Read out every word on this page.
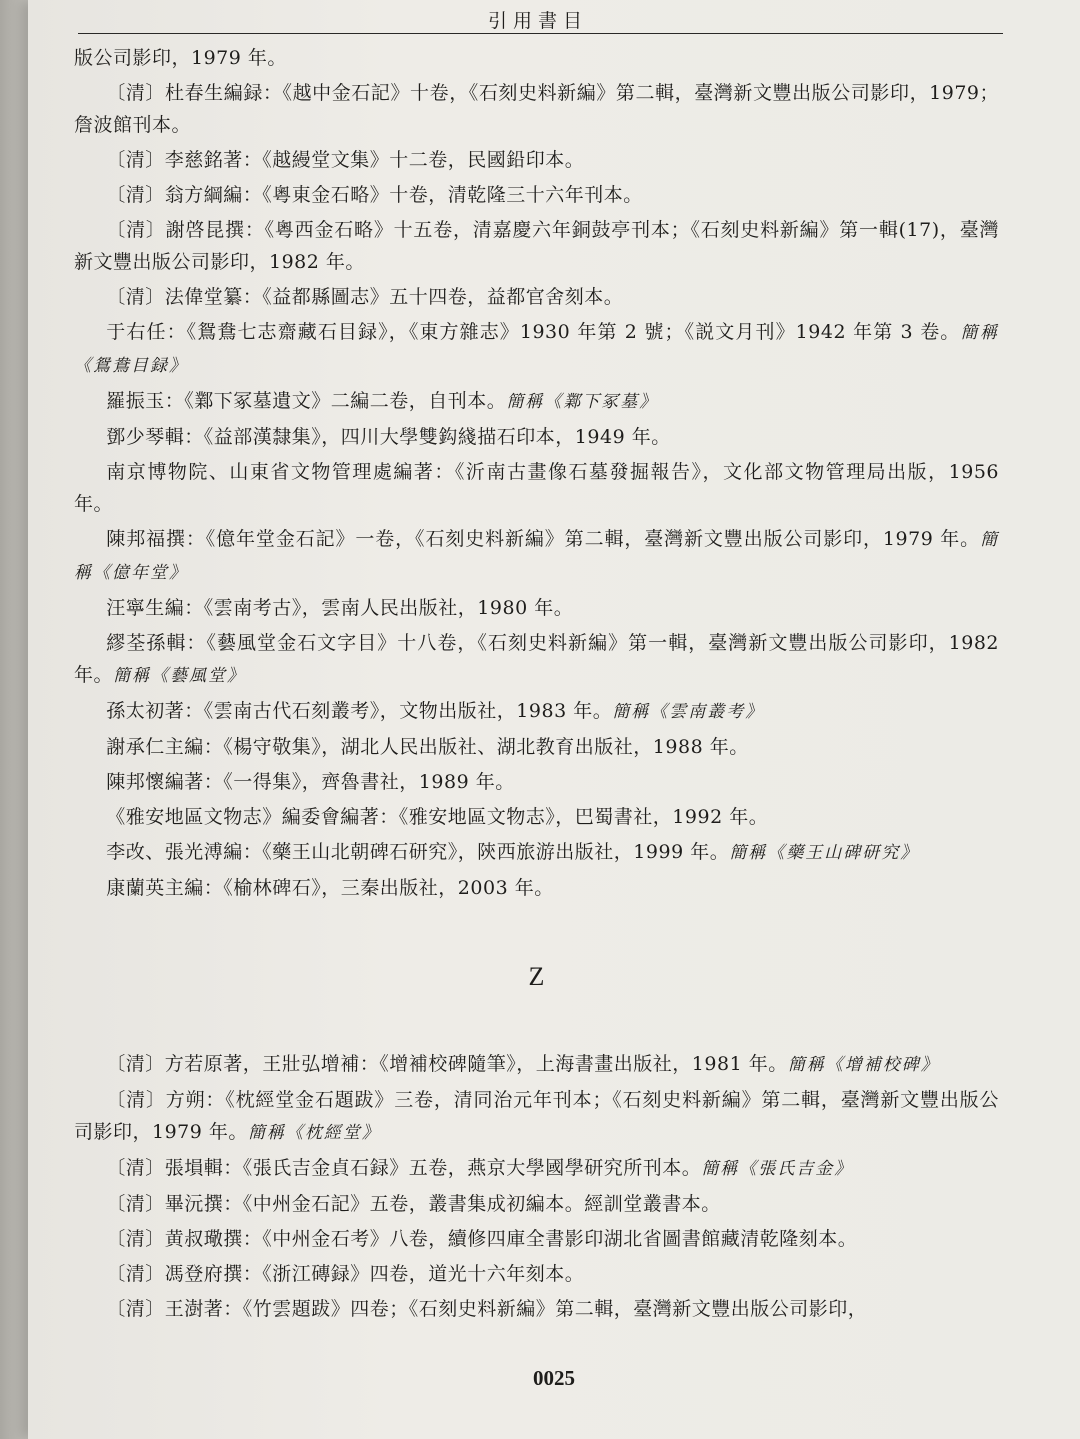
引用書目

版公司影印，1979 年。

〔清〕杜春生編録：《越中金石記》十卷，《石刻史料新編》第二輯，臺灣新文豐出版公司影印，1979；詹波館刊本。

〔清〕李慈銘著：《越縵堂文集》十二卷，民國鉛印本。

〔清〕翁方綱編：《粵東金石略》十卷，清乾隆三十六年刊本。

〔清〕謝啓昆撰：《粵西金石略》十五卷，清嘉慶六年銅鼓亭刊本；《石刻史料新編》第一輯(17)，臺灣新文豐出版公司影印，1982 年。

〔清〕法偉堂纂：《益都縣圖志》五十四卷，益都官舍刻本。

于右任：《鴛鴦七志齋藏石目録》，《東方雜志》1930 年第 2 號；《説文月刊》1942 年第 3 卷。簡稱《鴛鴦目録》

羅振玉：《鄴下冢墓遺文》二編二卷，自刊本。簡稱《鄴下冢墓》

鄧少琴輯：《益部漢隸集》，四川大學雙鈎綫描石印本，1949 年。

南京博物院、山東省文物管理處編著：《沂南古畫像石墓發掘報告》，文化部文物管理局出版，1956 年。

陳邦福撰：《億年堂金石記》一卷，《石刻史料新編》第二輯，臺灣新文豐出版公司影印，1979 年。簡稱《億年堂》

汪寧生編：《雲南考古》，雲南人民出版社，1980 年。

繆荃孫輯：《藝風堂金石文字目》十八卷，《石刻史料新編》第一輯，臺灣新文豐出版公司影印，1982 年。簡稱《藝風堂》

孫太初著：《雲南古代石刻叢考》，文物出版社，1983 年。簡稱《雲南叢考》

謝承仁主編：《楊守敬集》，湖北人民出版社、湖北教育出版社，1988 年。

陳邦懷編著：《一得集》，齊魯書社，1989 年。

《雅安地區文物志》編委會編著：《雅安地區文物志》，巴蜀書社，1992 年。

李改、張光溥編：《藥王山北朝碑石研究》，陝西旅游出版社，1999 年。簡稱《藥王山碑研究》

康蘭英主編：《榆林碑石》，三秦出版社，2003 年。

Z

〔清〕方若原著，王壯弘增補：《增補校碑隨筆》，上海書畫出版社，1981 年。簡稱《增補校碑》

〔清〕方朔：《枕經堂金石題跋》三卷，清同治元年刊本；《石刻史料新編》第二輯，臺灣新文豐出版公司影印，1979 年。簡稱《枕經堂》

〔清〕張塤輯：《張氏吉金貞石録》五卷，燕京大學國學研究所刊本。簡稱《張氏吉金》

〔清〕畢沅撰：《中州金石記》五卷，叢書集成初編本。經訓堂叢書本。

〔清〕黄叔璥撰：《中州金石考》八卷，續修四庫全書影印湖北省圖書館藏清乾隆刻本。

〔清〕馮登府撰：《浙江磚録》四卷，道光十六年刻本。

〔清〕王澍著：《竹雲題跋》四卷；《石刻史料新編》第二輯，臺灣新文豐出版公司影印，

0025
